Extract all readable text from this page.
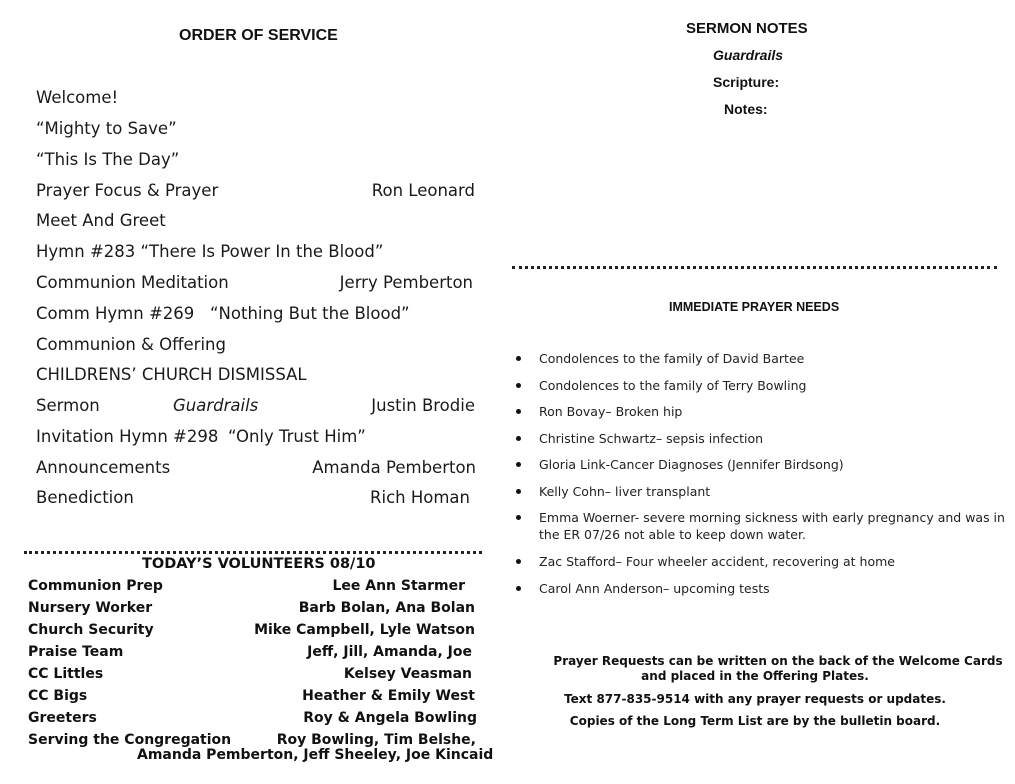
ORDER OF SERVICE
Welcome!
“Mighty to Save”
“This Is The Day”
Prayer Focus & Prayer	Ron Leonard
Meet And Greet
Hymn #283 “There Is Power In the Blood”
Communion Meditation	Jerry Pemberton
Comm Hymn #269 “Nothing But the Blood”
Communion & Offering
CHILDRENS’ CHURCH DISMISSAL
Sermon	Guardrails	Justin Brodie
Invitation Hymn #298 “Only Trust Him”
Announcements	Amanda Pemberton
Benediction	Rich Homan
TODAY’S VOLUNTEERS 08/10
Communion Prep	Lee Ann Starmer
Nursery Worker	Barb Bolan, Ana Bolan
Church Security	Mike Campbell, Lyle Watson
Praise Team	Jeff, Jill, Amanda, Joe
CC Littles	Kelsey Veasman
CC Bigs	Heather & Emily West
Greeters	Roy & Angela Bowling
Serving the Congregation	Roy Bowling, Tim Belshe,
Amanda Pemberton, Jeff Sheeley, Joe Kincaid
SERMON NOTES
Guardrails
Scripture:
Notes:
IMMEDIATE PRAYER NEEDS
Condolences to the family of David Bartee
Condolences to the family of Terry Bowling
Ron Bovay– Broken hip
Christine Schwartz– sepsis infection
Gloria Link-Cancer Diagnoses (Jennifer Birdsong)
Kelly Cohn– liver transplant
Emma Woerner- severe morning sickness with early pregnancy and was in
the ER 07/26 not able to keep down water.
Zac Stafford– Four wheeler accident, recovering at home
Carol Ann Anderson– upcoming tests
Prayer Requests can be written on the back of the Welcome Cards
and placed in the Offering Plates.
Text 877-835-9514 with any prayer requests or updates.
Copies of the Long Term List are by the bulletin board.
